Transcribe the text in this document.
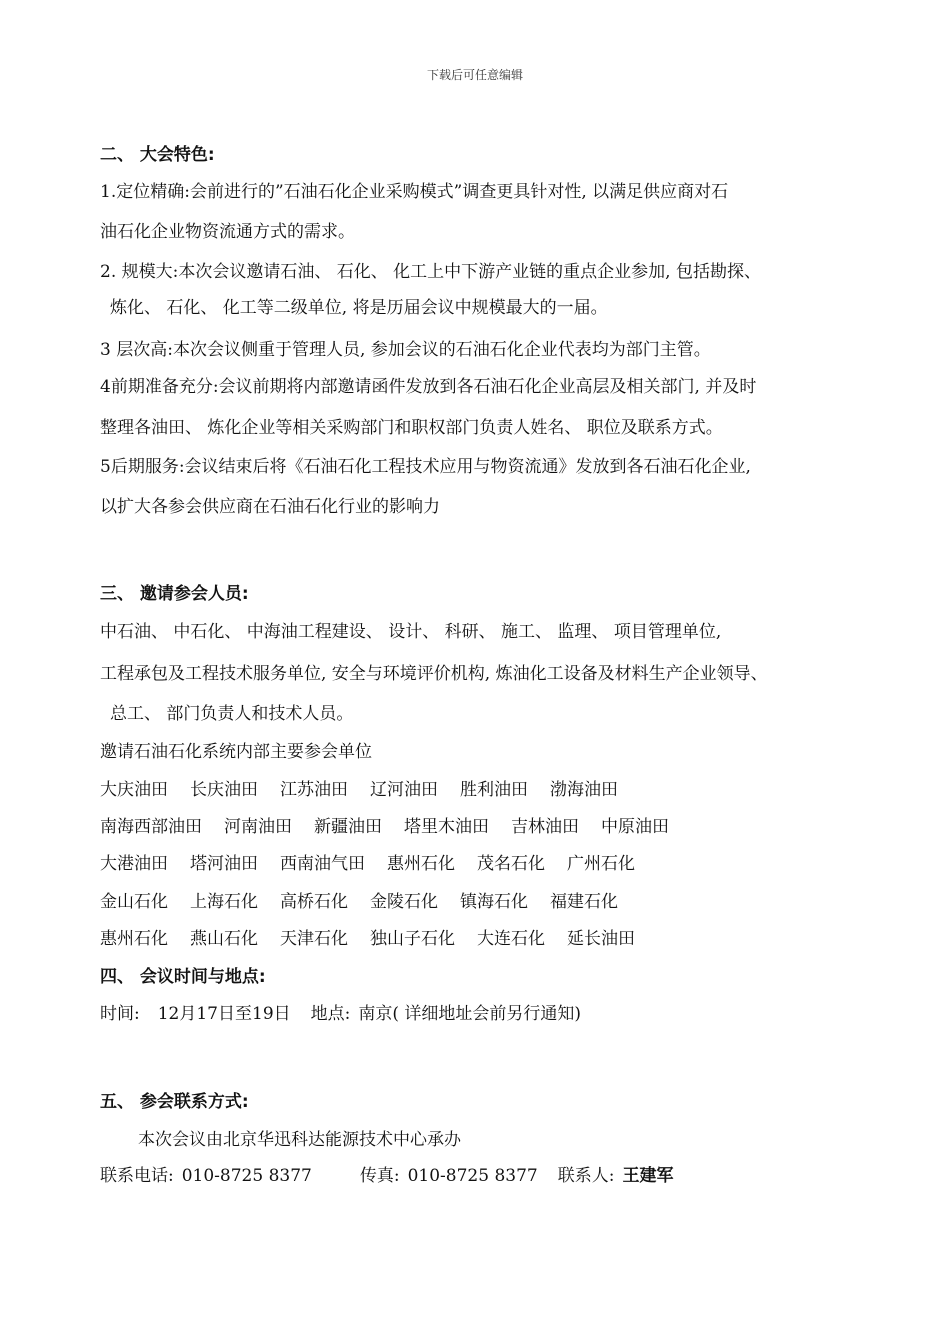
下载后可任意编辑
二、 大会特色:
1.定位精确:会前进行的”石油石化企业采购模式”调查更具针对性, 以满足供应商对石
油石化企业物资流通方式的需求。
2. 规模大:本次会议邀请石油、 石化、 化工上中下游产业链的重点企业参加, 包括勘探、
炼化、 石化、 化工等二级单位, 将是历届会议中规模最大的一届。
3 层次高:本次会议侧重于管理人员, 参加会议的石油石化企业代表均为部门主管。
4前期准备充分:会议前期将内部邀请函件发放到各石油石化企业高层及相关部门, 并及时
整理各油田、 炼化企业等相关采购部门和职权部门负责人姓名、 职位及联系方式。
5后期服务:会议结束后将《石油石化工程技术应用与物资流通》发放到各石油石化企业,
以扩大各参会供应商在石油石化行业的影响力
三、 邀请参会人员:
中石油、 中石化、 中海油工程建设、 设计、 科研、 施工、 监理、 项目管理单位,
工程承包及工程技术服务单位, 安全与环境评价机构, 炼油化工设备及材料生产企业领导、
总工、 部门负责人和技术人员。
邀请石油石化系统内部主要参会单位
大庆油田 长庆油田 江苏油田 辽河油田 胜利油田 渤海油田
南海西部油田 河南油田 新疆油田 塔里木油田 吉林油田 中原油田
大港油田 塔河油田 西南油气田 惠州石化 茂名石化 广州石化
金山石化 上海石化 高桥石化 金陵石化 镇海石化 福建石化
惠州石化 燕山石化 天津石化 独山子石化 大连石化 延长油田
四、 会议时间与地点:
时间: 12月17日至19日 地点: 南京( 详细地址会前另行通知)
五、 参会联系方式:
本次会议由北京华迅科达能源技术中心承办
联系电话: 010-8725 8377	传真: 010-8725 8377 联系人: 王建军
